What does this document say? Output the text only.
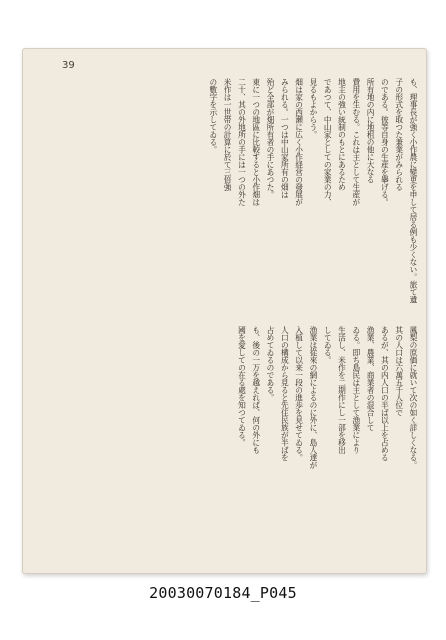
39

も、理事長が強く小作農に變更を申して居る例も少くない。旅て遺

子の形式を取つた兼業がみられる

のである。彼等自身の生産を擧げる。

所有地の内に地租の他に大なる

費用を生むる。これは主として生産が

地主の強い統制のもとにあるため

であつて、中山家としての家業の力、

見るもよからう。

畑は家の西瀬に広く小作経営の發展が

みられる。一つは中山家所有の畑は

殆ど全部が畑所有者の手にあつた。

東に一つの地區に比較すると小作畑は

二十、其の外地所の手には一つの外た

米作は一世帯の計算に於て三倍強

の數字を示してゐる。

鳳梨の原価に就いて次の如く詳しくなる。

其の人口は六萬五千人位で

あるが、其の内人口の半ば以上を占める

漁業、農業、商業者の混合して

ゐる。即ち島民は主として漁業により

生活し、米作を二期作にし一部を移出

してゐる。

漁業は從來の網によるのに外に、島人達が

入植して以来一段の進歩を見せてゐる。

人口の構成から見ると先住民族が半ばを

占めてゐるのである。

も、後の一万を越えれば、何の外にも

國を愛しての在る處を知つてゐる。

20030070184_P045
